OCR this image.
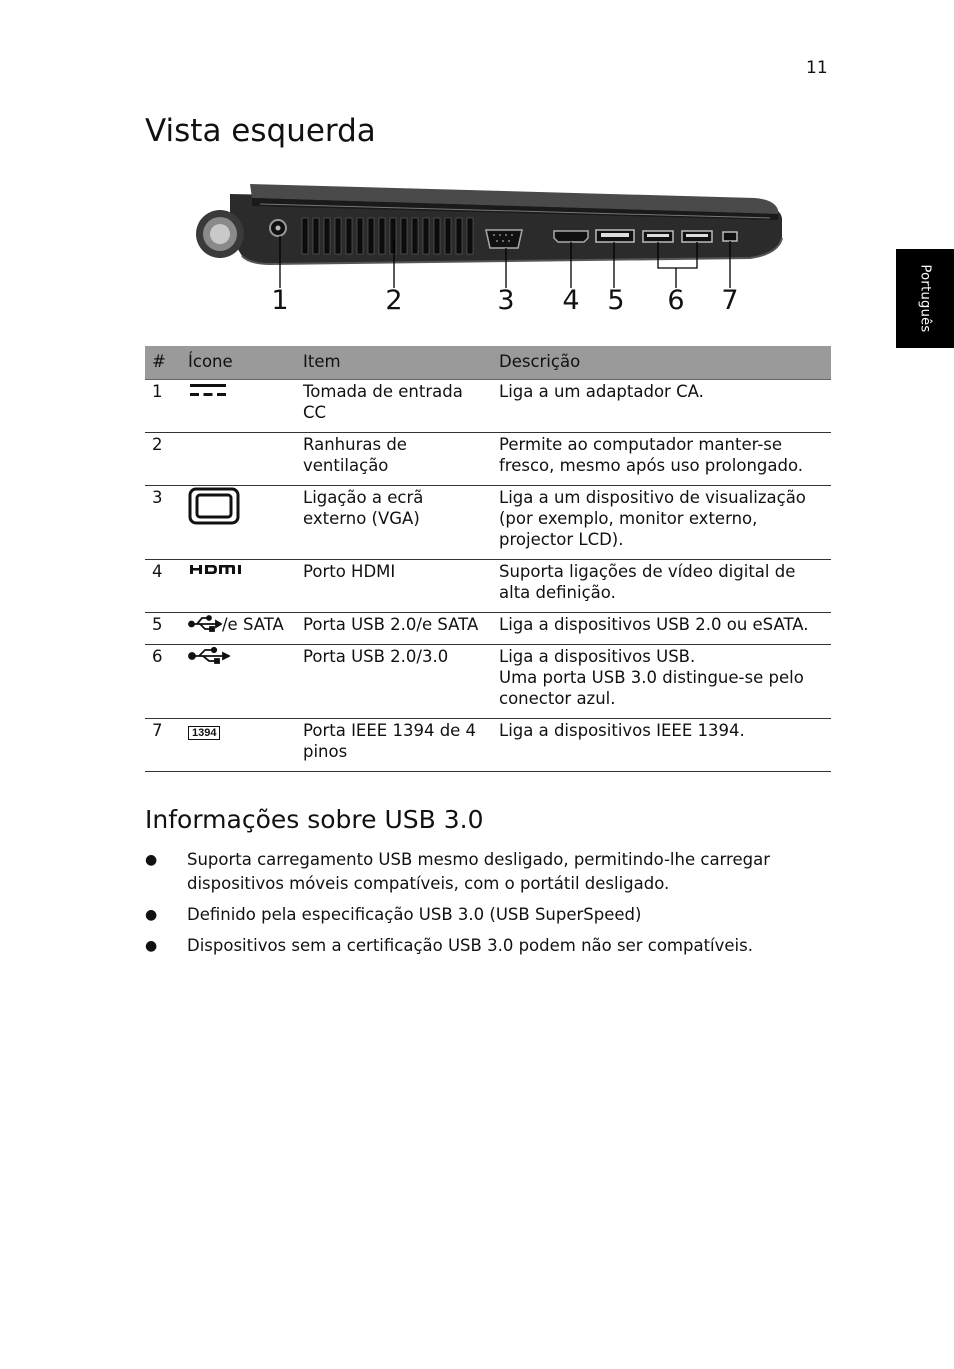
11
Português
Vista esquerda
1	2	3 4 5 6 7
#	Ícone	Item	Descrição
1		Tomada de entrada CC	Liga a um adaptador CA.
2		Ranhuras de ventilação	Permite ao computador manter-se fresco, mesmo após uso prolongado.
3		Ligação a ecrã externo (VGA)	Liga a um dispositivo de visualização (por exemplo, monitor externo, projector LCD).
4		Porto HDMI	Suporta ligações de vídeo digital de alta definição.
5	/e SATA	Porta USB 2.0/e SATA	Liga a dispositivos USB 2.0 ou eSATA.
6		Porta USB 2.0/3.0	Liga a dispositivos USB.
Uma porta USB 3.0 distingue-se pelo conector azul.

7	1394	Porta IEEE 1394 de 4 pinos	Liga a dispositivos IEEE 1394.
Informações sobre USB 3.0
● Suporta carregamento USB mesmo desligado, permitindo-lhe carregar dispositivos móveis compatíveis, com o portátil desligado.
● Definido pela especificação USB 3.0 (USB SuperSpeed)
● Dispositivos sem a certificação USB 3.0 podem não ser compatíveis.
